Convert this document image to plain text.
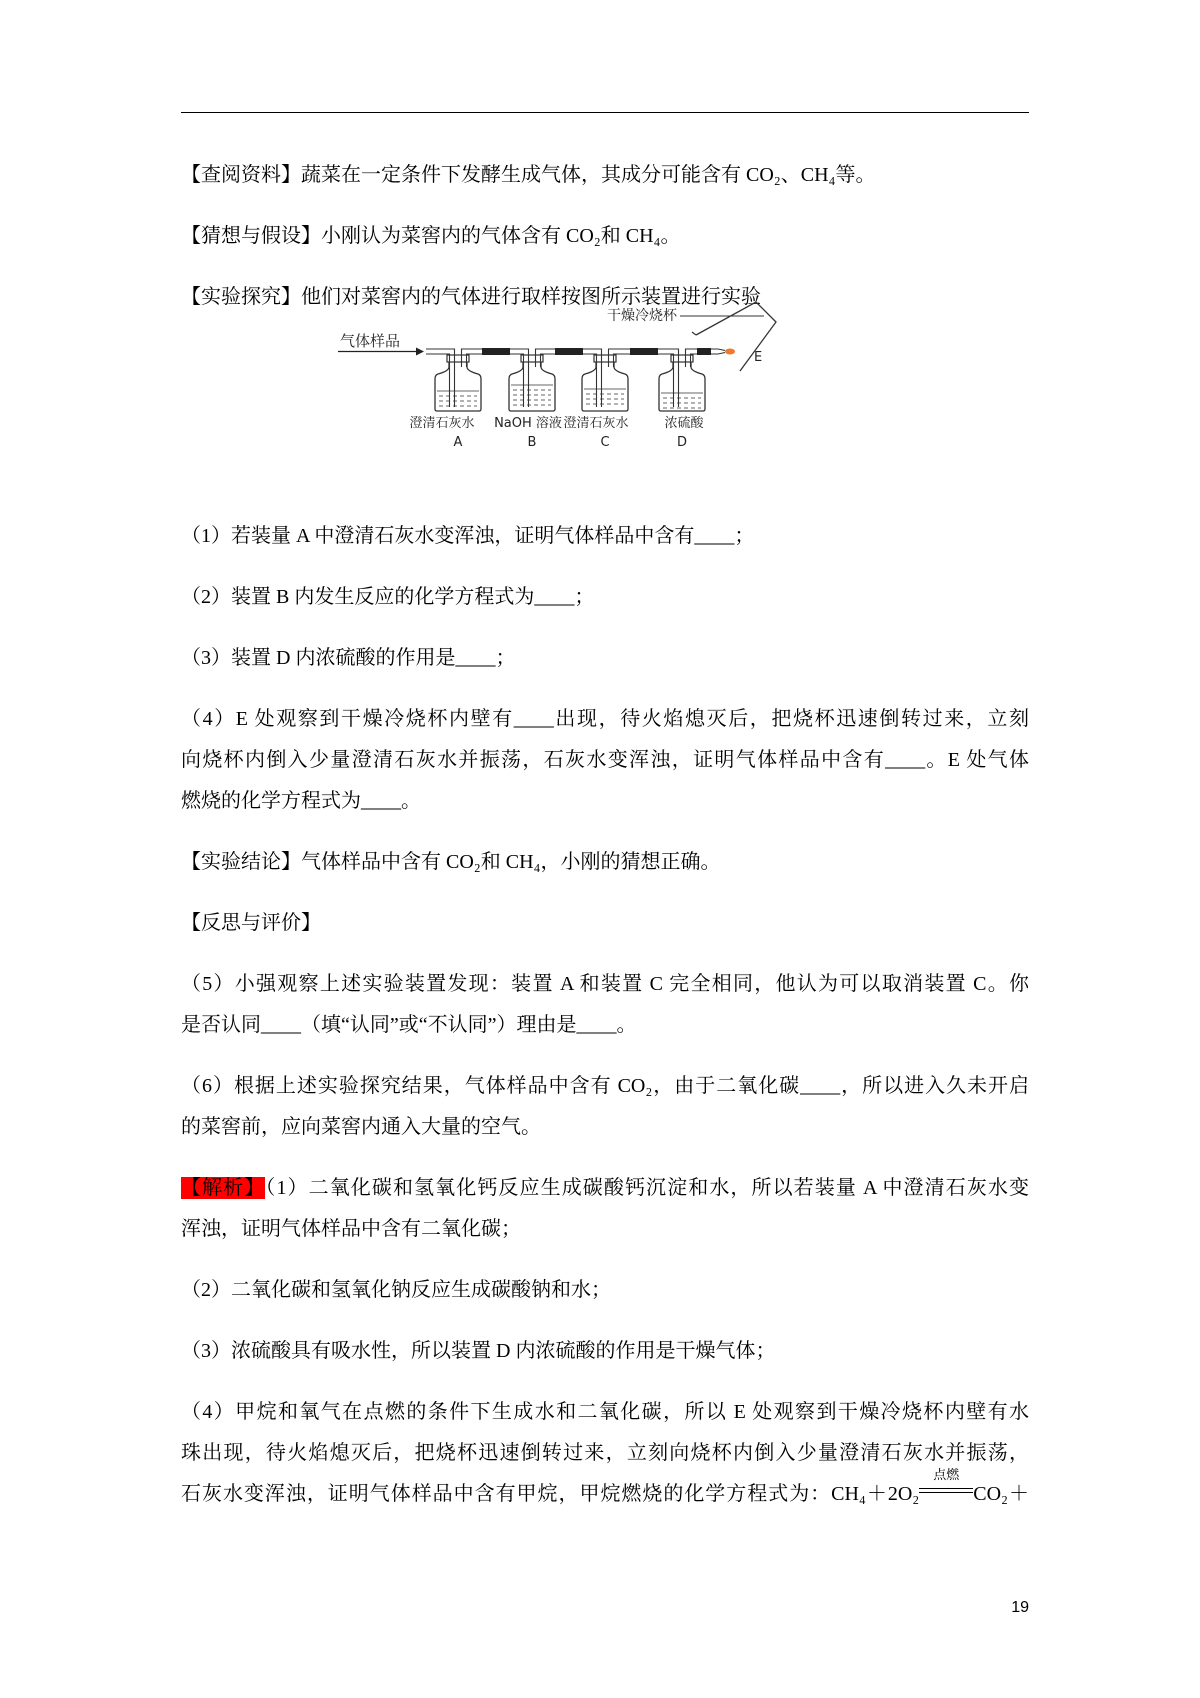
【查阅资料】蔬菜在一定条件下发酵生成气体，其成分可能含有 CO₂、CH₄等。
【猜想与假设】小刚认为菜窖内的气体含有 CO₂和 CH₄。
【实验探究】他们对菜窖内的气体进行取样按图所示装置进行实验
气体样品
E
干燥冷烧杯
澄清石灰水 NaOH 溶液 澄清石灰水	浓硫酸
A	B	C	D
（1）若装量 A 中澄清石灰水变浑浊，证明气体样品中含有____；
（2）装置 B 内发生反应的化学方程式为____；
（3）装置 D 内浓硫酸的作用是____；
（4）E 处观察到干燥冷烧杯内壁有____出现，待火焰熄灭后，把烧杯迅速倒转过来，立刻
向烧杯内倒入少量澄清石灰水并振荡，石灰水变浑浊，证明气体样品中含有____。E 处气体
燃烧的化学方程式为____。
【实验结论】气体样品中含有 CO₂和 CH₄，小刚的猜想正确。
【反思与评价】
（5）小强观察上述实验装置发现：装置 A 和装置 C 完全相同，他认为可以取消装置 C。你
是否认同____（填“认同”或“不认同”）理由是____。
（6）根据上述实验探究结果，气体样品中含有 CO₂，由于二氧化碳____，所以进入久未开启
的菜窖前，应向菜窖内通入大量的空气。
【解析】（1）二氧化碳和氢氧化钙反应生成碳酸钙沉淀和水，所以若装量 A 中澄清石灰水变
浑浊，证明气体样品中含有二氧化碳；
（2）二氧化碳和氢氧化钠反应生成碳酸钠和水；
（3）浓硫酸具有吸水性，所以装置 D 内浓硫酸的作用是干燥气体；
（4）甲烷和氧气在点燃的条件下生成水和二氧化碳，所以 E 处观察到干燥冷烧杯内壁有水
珠出现，待火焰熄灭后，把烧杯迅速倒转过来，立刻向烧杯内倒入少量澄清石灰水并振荡，
石灰水变浑浊，证明气体样品中含有甲烷，甲烷燃烧的化学方程式为：CH₄＋2O₂
点燃
CO₂＋
19
